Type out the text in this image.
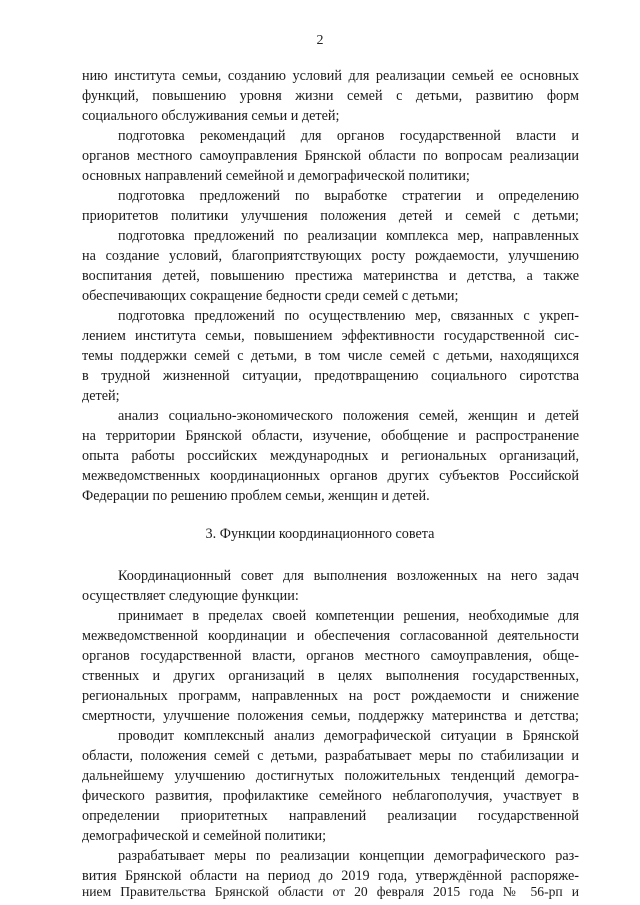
2
нию института семьи, созданию условий для реализации семьей ее основных
функций, повышению уровня жизни семей с детьми, развитию форм
социального обслуживания семьи и детей;
подготовка рекомендаций для органов государственной власти и
органов местного самоуправления Брянской области по вопросам реализации
основных направлений семейной и демографической политики;
подготовка предложений по выработке стратегии и определению
приоритетов политики улучшения положения детей и семей с детьми;
подготовка предложений по реализации комплекса мер, направленных
на создание условий, благоприятствующих росту рождаемости, улучшению
воспитания детей, повышению престижа материнства и детства, а также
обеспечивающих сокращение бедности среди семей с детьми;
подготовка предложений по осуществлению мер, связанных с укреп-
лением института семьи, повышением эффективности государственной сис-
темы поддержки семей с детьми, в том числе семей с детьми, находящихся
в трудной жизненной ситуации, предотвращению социального сиротства
детей;
анализ социально-экономического положения семей, женщин и детей
на территории Брянской области, изучение, обобщение и распространение
опыта работы российских международных и региональных организаций,
межведомственных координационных органов других субъектов Российской
Федерации по решению проблем семьи, женщин и детей.
3. Функции координационного совета
Координационный совет для выполнения возложенных на него задач
осуществляет следующие функции:
принимает в пределах своей компетенции решения, необходимые для
межведомственной координации и обеспечения согласованной деятельности
органов государственной власти, органов местного самоуправления, обще-
ственных и других организаций в целях выполнения государственных,
региональных программ, направленных на рост рождаемости и снижение
смертности, улучшение положения семьи, поддержку материнства и детства;
проводит комплексный анализ демографической ситуации в Брянской
области, положения семей с детьми, разрабатывает меры по стабилизации и
дальнейшему улучшению достигнутых положительных тенденций демогра-
фического развития, профилактике семейного неблагополучия, участвует в
определении приоритетных направлений реализации государственной
демографической и семейной политики;
разрабатывает меры по реализации концепции демографического раз-
вития Брянской области на период до 2019 года, утверждённой распоряже-
нием Правительства Брянской области от 20 февраля 2015 года № 56-рп и
